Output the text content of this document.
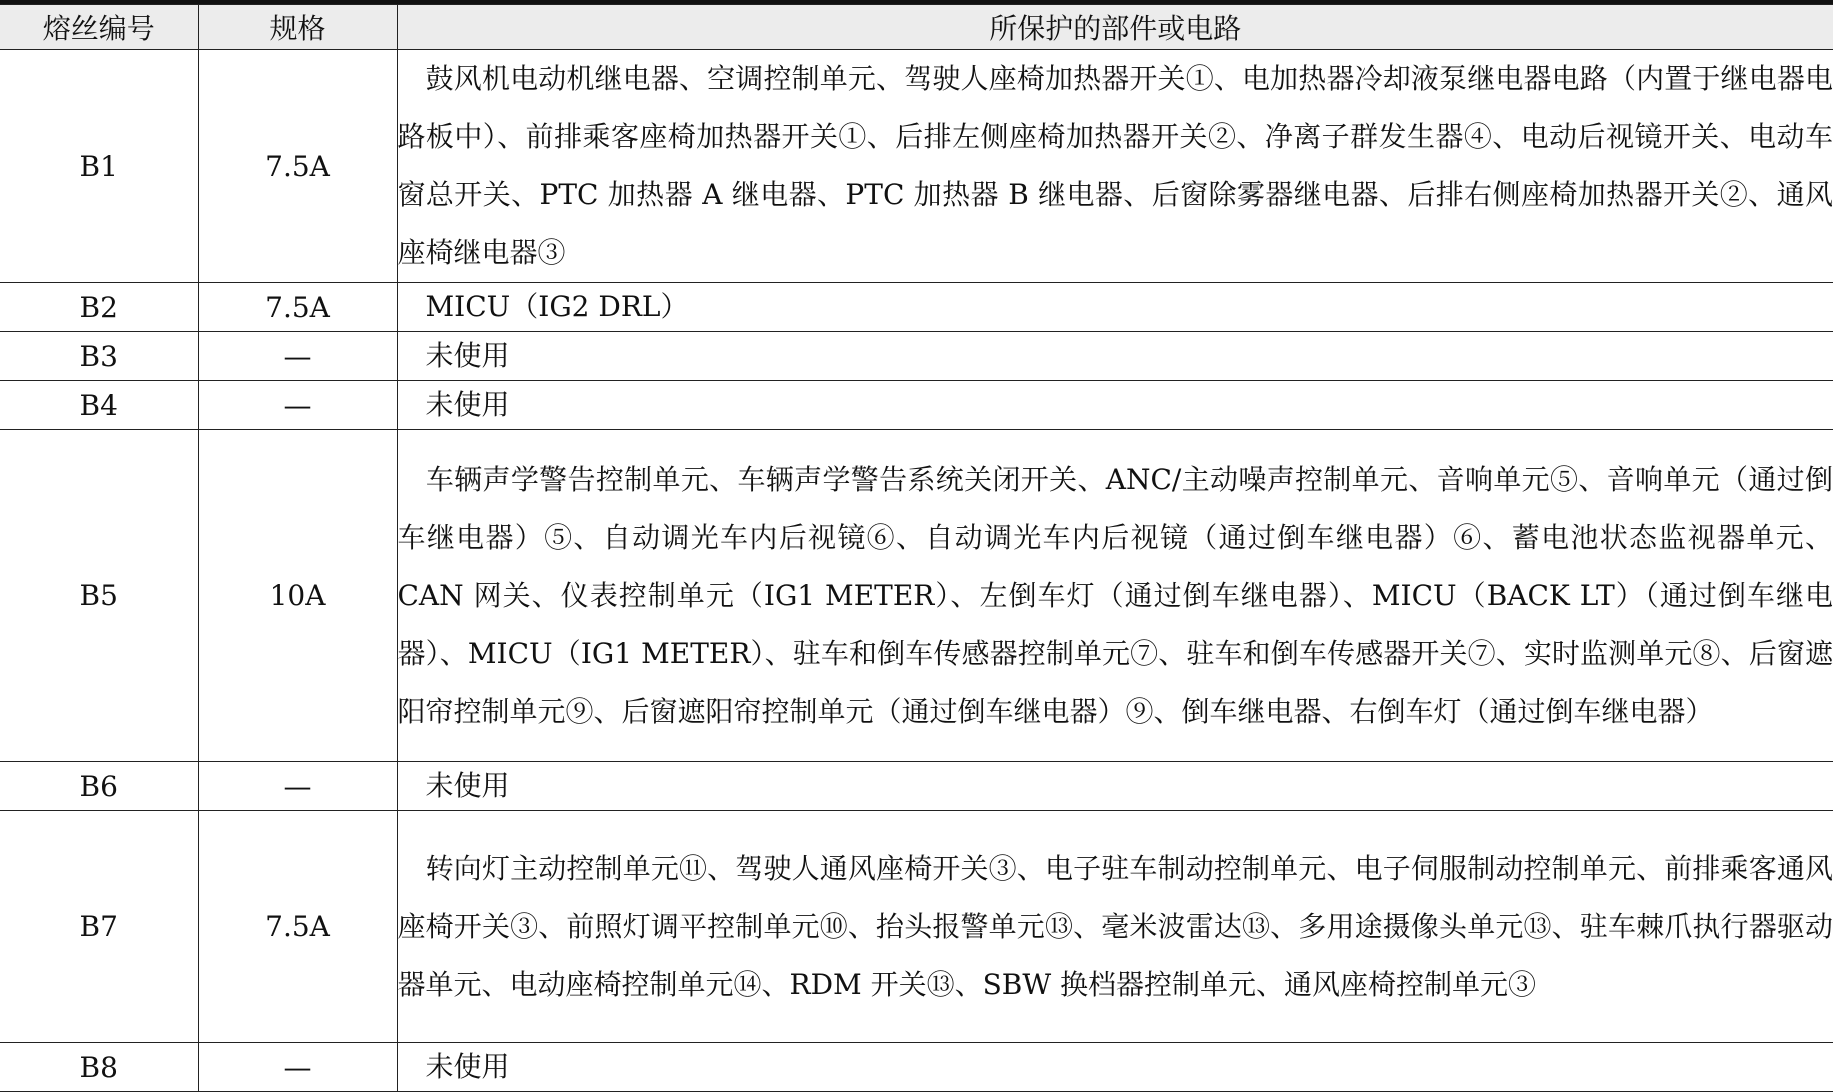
熔丝编号	规格	所保护的部件或电路
B1	7.5A	鼓风机电动机继电器、空调控制单元、驾驶人座椅加热器开关①、电加热器冷却液泵继电器电路（内置于继电器电路板中）、前排乘客座椅加热器开关①、后排左侧座椅加热器开关②、净离子群发生器④、电动后视镜开关、电动车窗总开关、PTC 加热器 A 继电器、PTC 加热器 B 继电器、后窗除雾器继电器、后排右侧座椅加热器开关②、通风座椅继电器③
B2	7.5A	MICU（IG2 DRL）
B3	—	未使用
B4	—	未使用
B5	10A	车辆声学警告控制单元、车辆声学警告系统关闭开关、ANC/主动噪声控制单元、音响单元⑤、音响单元（通过倒车继电器）⑤、自动调光车内后视镜⑥、自动调光车内后视镜（通过倒车继电器）⑥、蓄电池状态监视器单元、CAN 网关、仪表控制单元（IG1 METER）、左倒车灯（通过倒车继电器）、MICU（BACK LT）（通过倒车继电器）、MICU（IG1 METER）、驻车和倒车传感器控制单元⑦、驻车和倒车传感器开关⑦、实时监测单元⑧、后窗遮阳帘控制单元⑨、后窗遮阳帘控制单元（通过倒车继电器）⑨、倒车继电器、右倒车灯（通过倒车继电器）
B6	—	未使用
B7	7.5A	转向灯主动控制单元⑪、驾驶人通风座椅开关③、电子驻车制动控制单元、电子伺服制动控制单元、前排乘客通风座椅开关③、前照灯调平控制单元⑩、抬头报警单元⑬、毫米波雷达⑬、多用途摄像头单元⑬、驻车棘爪执行器驱动器单元、电动座椅控制单元⑭、RDM 开关⑬、SBW 换档器控制单元、通风座椅控制单元③
B8	—	未使用
